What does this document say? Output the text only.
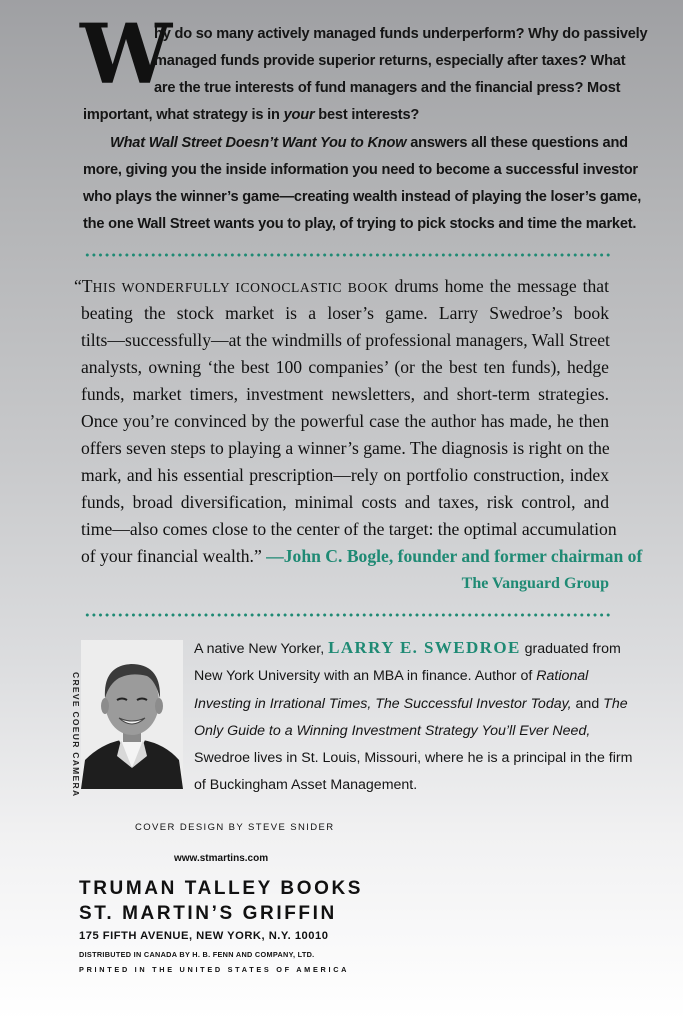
W
hy do so many actively managed funds underperform? Why do passively
managed funds provide superior returns, especially after taxes? What
are the true interests of fund managers and the financial press? Most
important, what strategy is in your best interests?
What Wall Street Doesn’t Want You to Know answers all these questions and
more, giving you the inside information you need to become a successful investor
who plays the winner’s game—creating wealth instead of playing the loser’s game,
the one Wall Street wants you to play, of trying to pick stocks and time the market.
“THIS WONDERFULLY ICONOCLASTIC BOOK drums home the message that
beating the stock market is a loser’s game. Larry Swedroe’s book
tilts—successfully—at the windmills of professional managers, Wall Street
analysts, owning ‘the best 100 companies’ (or the best ten funds), hedge
funds, market timers, investment newsletters, and short-term strategies.
Once you’re convinced by the powerful case the author has made, he then
offers seven steps to playing a winner’s game. The diagnosis is right on the
mark, and his essential prescription—rely on portfolio construction, index
funds, broad diversification, minimal costs and taxes, risk control, and
time—also comes close to the center of the target: the optimal accumulation
of your financial wealth.” —John C. Bogle, founder and former chairman of
The Vanguard Group
CREVE COEUR CAMERA
A native New Yorker, LARRY E. SWEDROE graduated from
New York University with an MBA in finance. Author of Rational
Investing in Irrational Times, The Successful Investor Today, and The
Only Guide to a Winning Investment Strategy You’ll Ever Need,
Swedroe lives in St. Louis, Missouri, where he is a principal in the firm
of Buckingham Asset Management.
COVER DESIGN BY STEVE SNIDER
www.stmartins.com
TRUMAN TALLEY BOOKS
ST. MARTIN’S GRIFFIN
175 FIFTH AVENUE, NEW YORK, N.Y. 10010
DISTRIBUTED IN CANADA BY H. B. FENN AND COMPANY, LTD.
PRINTED IN THE UNITED STATES OF AMERICA
